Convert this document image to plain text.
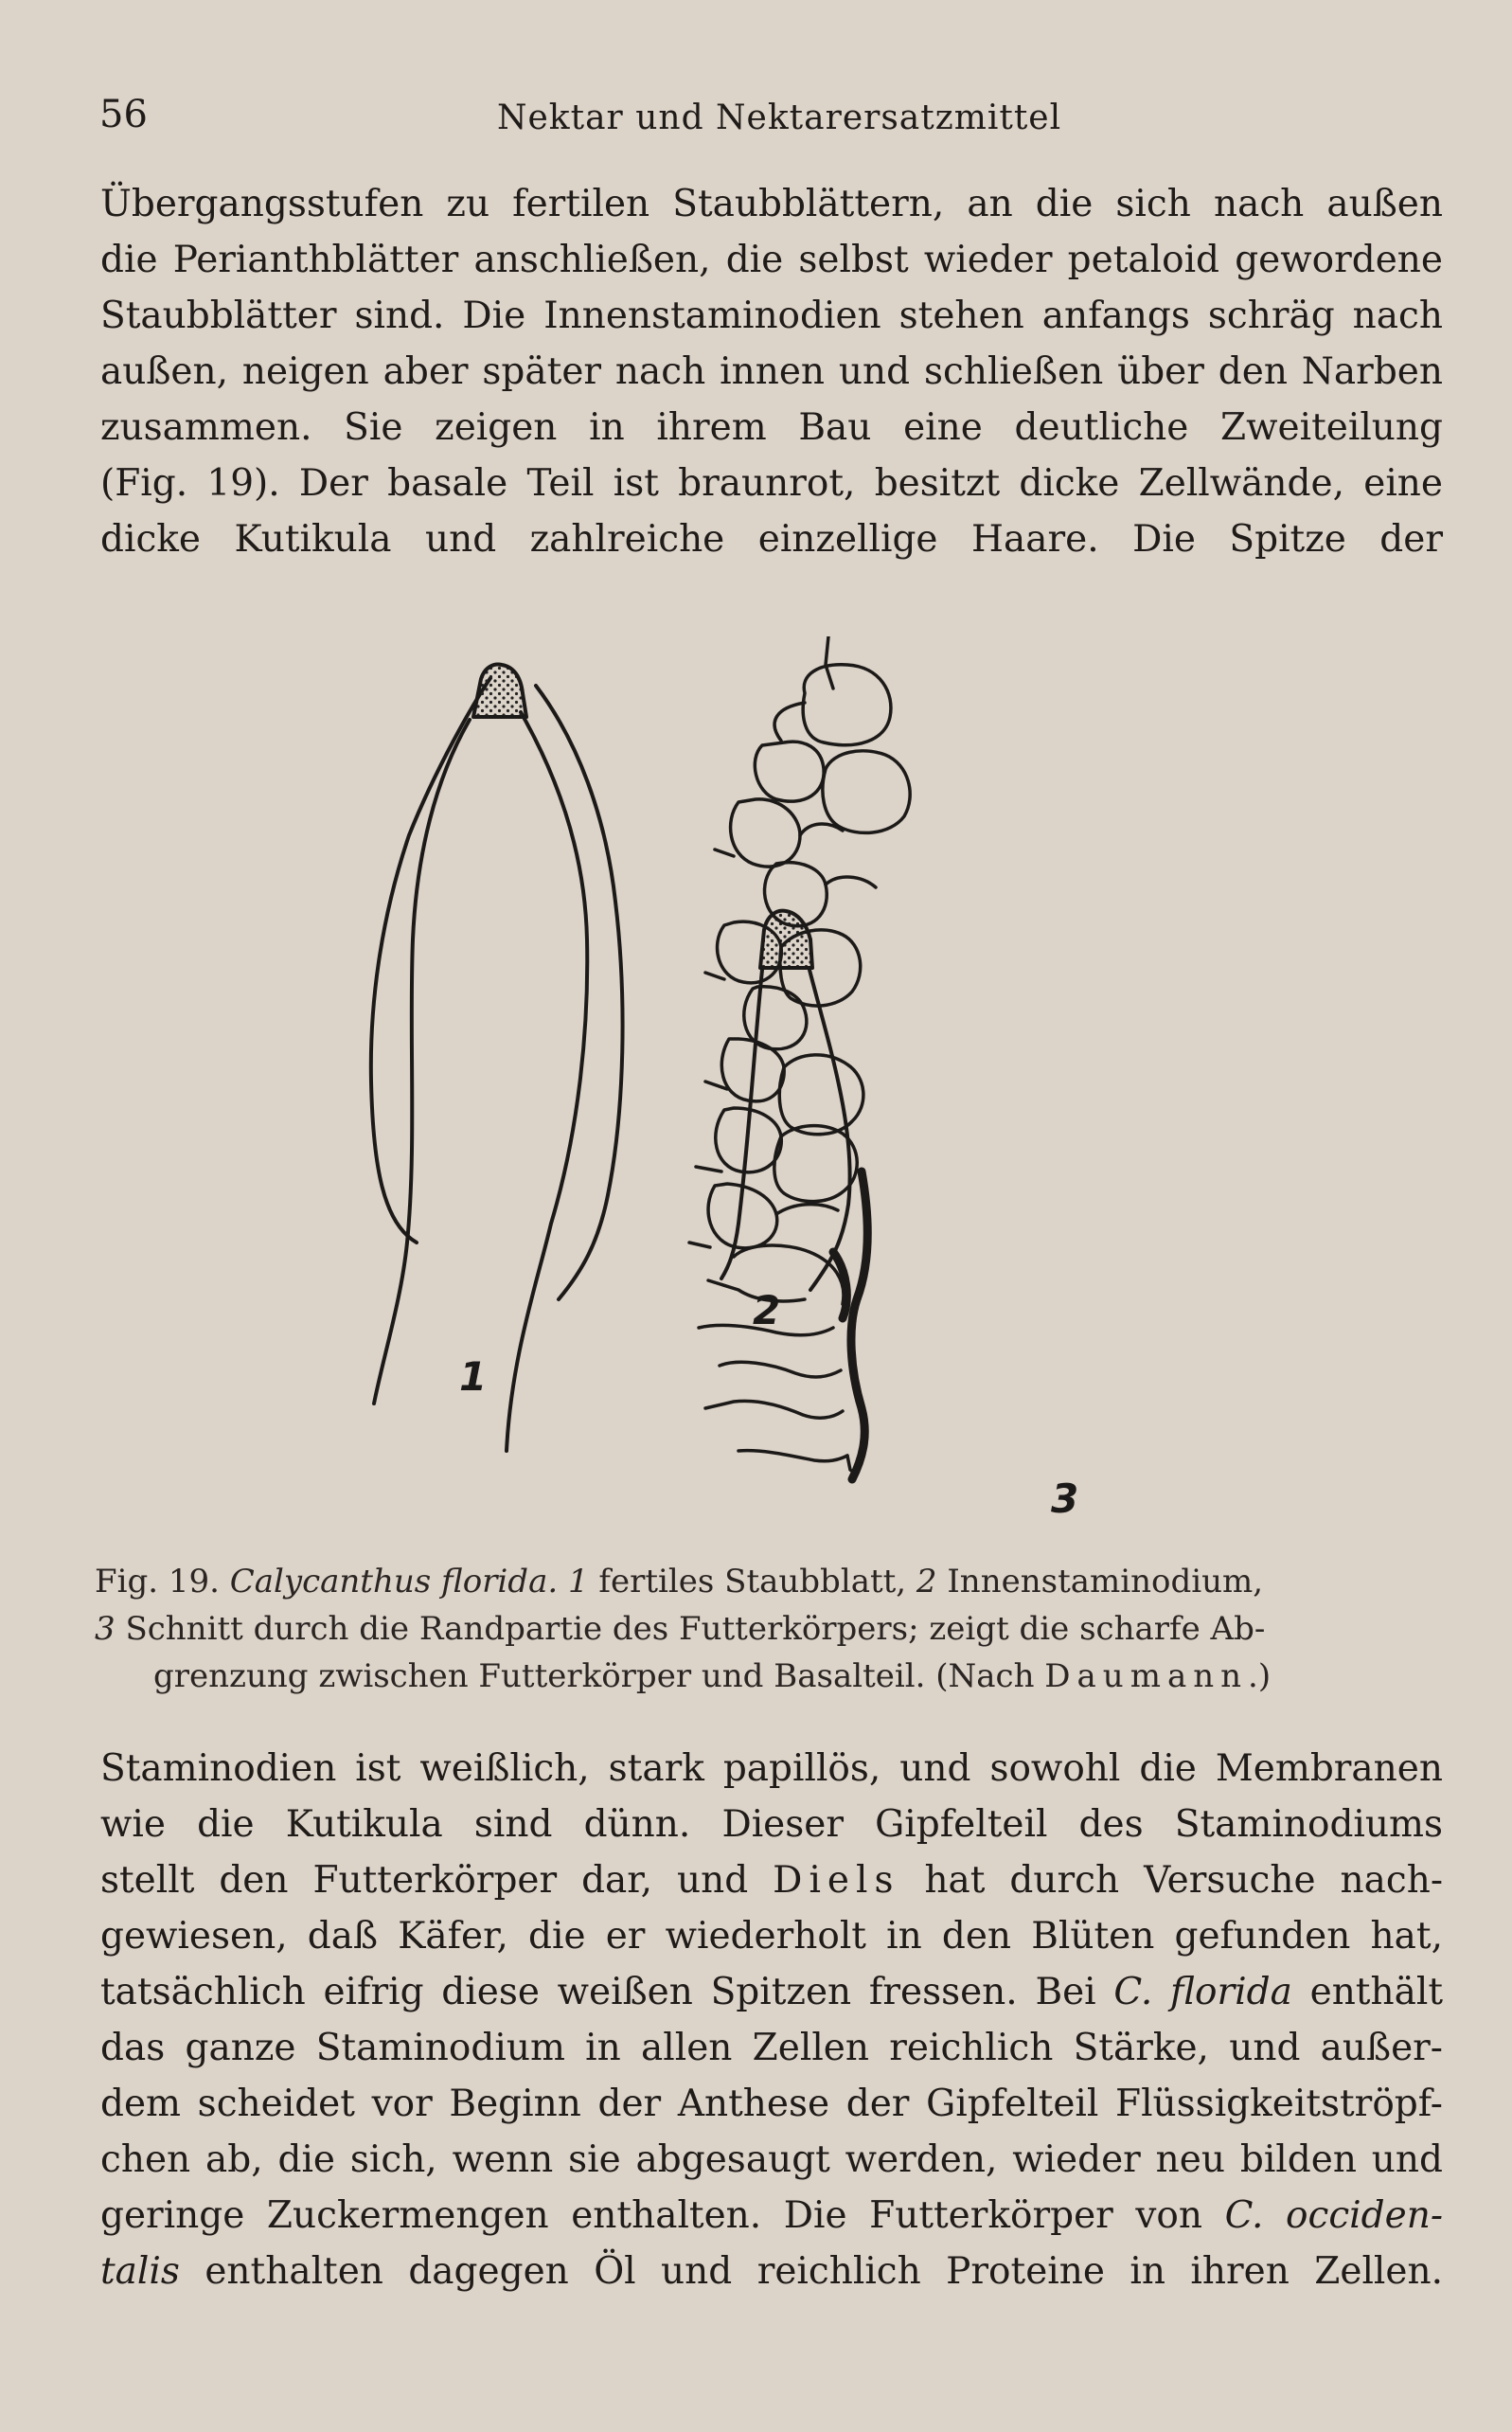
56	Nektar und Nektarersatzmittel
Übergangsstufen zu fertilen Staubblättern, an die sich nach außen
die Perianthblätter anschließen, die selbst wieder petaloid gewordene
Staubblätter sind. Die Innenstaminodien stehen anfangs schräg nach
außen, neigen aber später nach innen und schließen über den Narben
zusammen. Sie zeigen in ihrem Bau eine deutliche Zweiteilung
(Fig. 19). Der basale Teil ist braunrot, besitzt dicke Zellwände, eine
dicke Kutikula und zahlreiche einzellige Haare. Die Spitze der
1
2
3
Fig. 19. Calycanthus florida. 1 fertiles Staubblatt, 2 Innenstaminodium,
3 Schnitt durch die Randpartie des Futterkörpers; zeigt die scharfe Ab-
grenzung zwischen Futterkörper und Basalteil. (Nach Daumann.)
Staminodien ist weißlich, stark papillös, und sowohl die Membranen
wie die Kutikula sind dünn. Dieser Gipfelteil des Staminodiums
stellt den Futterkörper dar, und Diels hat durch Versuche nach-
gewiesen, daß Käfer, die er wiederholt in den Blüten gefunden hat,
tatsächlich eifrig diese weißen Spitzen fressen. Bei C. florida enthält
das ganze Staminodium in allen Zellen reichlich Stärke, und außer-
dem scheidet vor Beginn der Anthese der Gipfelteil Flüssigkeitströpf-
chen ab, die sich, wenn sie abgesaugt werden, wieder neu bilden und
geringe Zuckermengen enthalten. Die Futterkörper von C. occiden-
talis enthalten dagegen Öl und reichlich Proteine in ihren Zellen.
